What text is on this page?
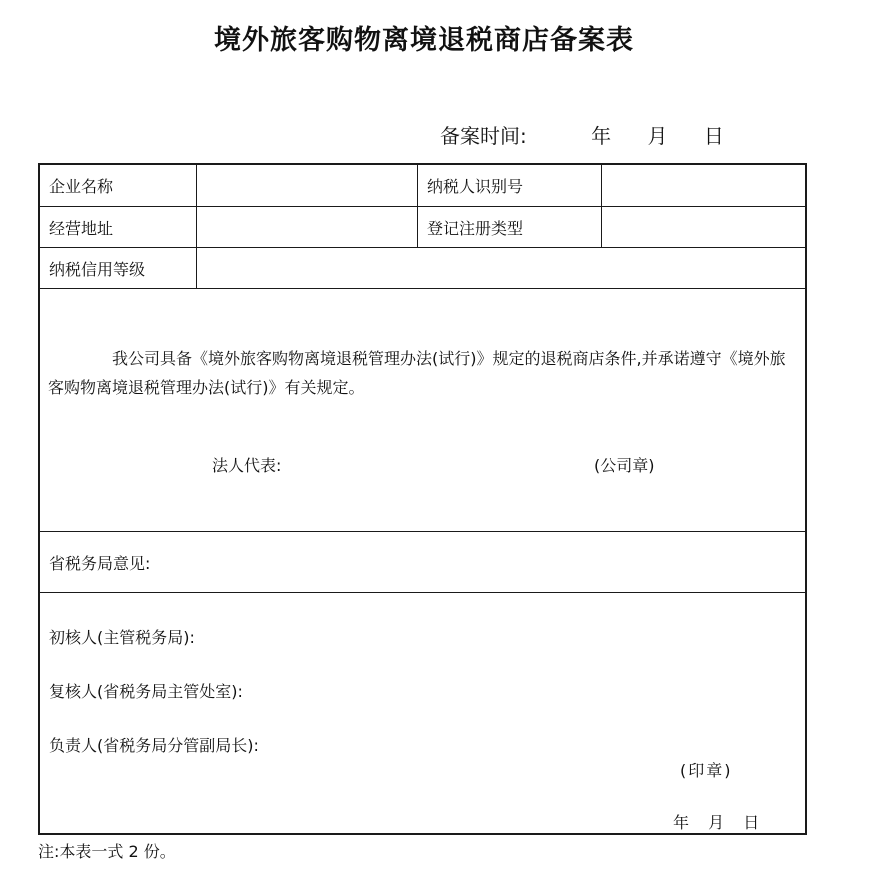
境外旅客购物离境退税商店备案表
备案时间:	年 月 日
企业名称	纳税人识别号
经营地址	登记注册类型
纳税信用等级
我公司具备《境外旅客购物离境退税管理办法(试行)》规定的退税商店条件,并承诺遵守《境外旅客购物离境退税管理办法(试行)》有关规定。
法人代表:	(公司章)
省税务局意见:
初核人(主管税务局):
复核人(省税务局主管处室):
负责人(省税务局分管副局长):
(印章)
年 月 日
注:本表一式 2 份。
